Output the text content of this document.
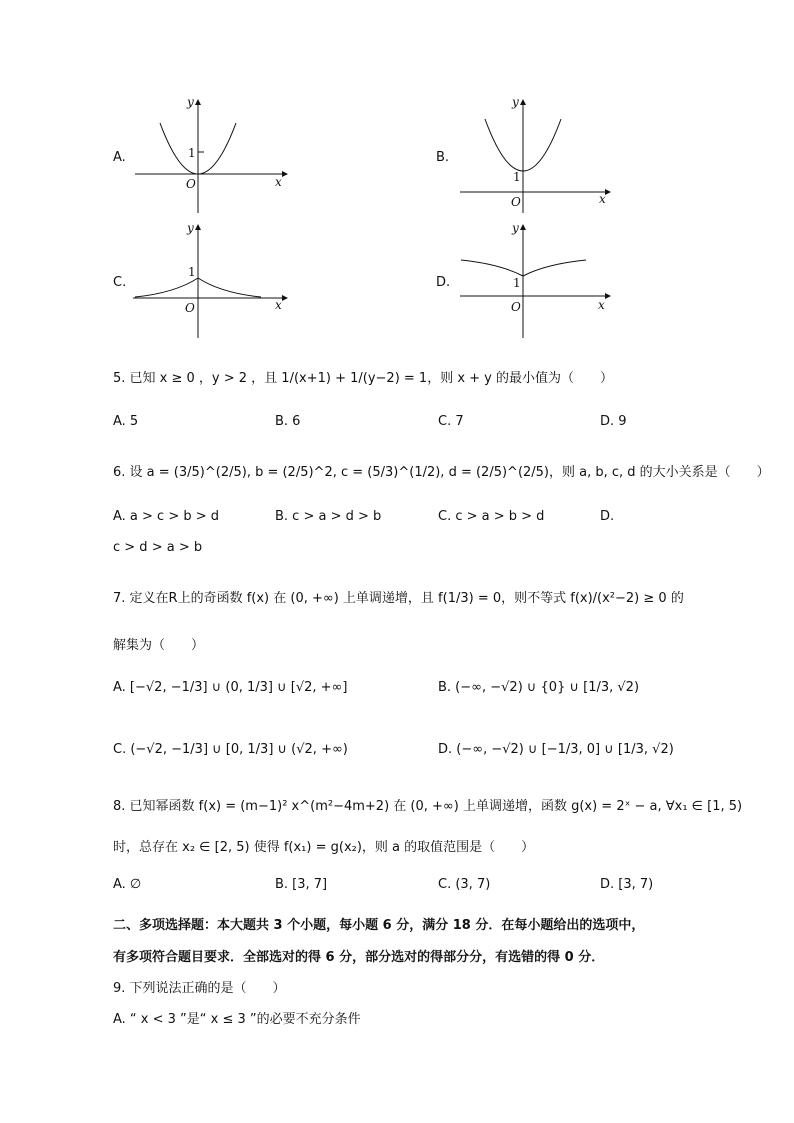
A.	B.
C.	D.
y
x
O
1
y
x
O
1
y
x
O
1
y
x
O
1
5. 已知 x ≥ 0 ，y > 2 ，且 1/(x+1) + 1/(y−2) = 1，则 x + y 的最小值为（　　）
A. 5	B. 6	C. 7	D. 9
6. 设 a = (3/5)^(2/5), b = (2/5)^2, c = (5/3)^(1/2), d = (2/5)^(2/5)，则 a, b, c, d 的大小关系是（　　）
A. a > c > b > d	B. c > a > d > b	C. c > a > b > d	D.
c > d > a > b
7. 定义在R上的奇函数 f(x) 在 (0, +∞) 上单调递增，且 f(1/3) = 0，则不等式 f(x)/(x²−2) ≥ 0 的
解集为（　　）
A. [−√2, −1/3] ∪ (0, 1/3] ∪ [√2, +∞]	B. (−∞, −√2) ∪ {0} ∪ [1/3, √2)
C. (−√2, −1/3] ∪ [0, 1/3] ∪ (√2, +∞)	D. (−∞, −√2) ∪ [−1/3, 0] ∪ [1/3, √2)
8. 已知幂函数 f(x) = (m−1)² x^(m²−4m+2) 在 (0, +∞) 上单调递增，函数 g(x) = 2ˣ − a, ∀x₁ ∈ [1, 5)
时，总存在 x₂ ∈ [2, 5) 使得 f(x₁) = g(x₂)，则 a 的取值范围是（　　）
A. ∅	B. [3, 7]	C. (3, 7)	D. [3, 7)
二、多项选择题：本大题共 3 个小题，每小题 6 分，满分 18 分．在每小题给出的选项中，
有多项符合题目要求．全部选对的得 6 分，部分选对的得部分分，有选错的得 0 分．
9. 下列说法正确的是（　　）
A. “ x < 3 ”是“ x ≤ 3 ”的必要不充分条件
